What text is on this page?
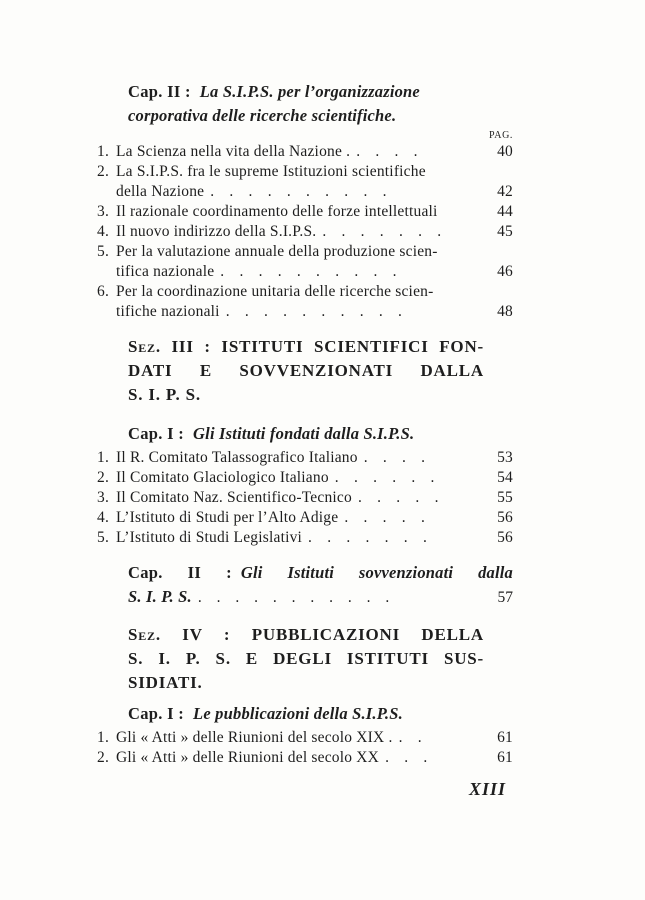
Cap. II : La S.I.P.S. per l’organizzazione
corporativa delle ricerche scientifiche.
PAG.
1. La Scienza nella vita della Nazione . . . . .	40
2. La S.I.P.S. fra le supreme Istituzioni scientifiche
della Nazione . . . . . . . . . .	42
3. Il razionale coordinamento delle forze intellettuali	44
4. Il nuovo indirizzo della S.I.P.S. . . . . . . .	45
5. Per la valutazione annuale della produzione scien-
tifica nazionale . . . . . . . . . .	46
6. Per la coordinazione unitaria delle ricerche scien-
tifiche nazionali . . . . . . . . . .	48
Sez. III : ISTITUTI SCIENTIFICI FON-
DATI E SOVVENZIONATI DALLA
S. I. P. S.
Cap. I : Gli Istituti fondati dalla S.I.P.S.
1. Il R. Comitato Talassografico Italiano . . . .	53
2. Il Comitato Glaciologico Italiano . . . . . .	54
3. Il Comitato Naz. Scientifico-Tecnico . . . . .	55
4. L’Istituto di Studi per l’Alto Adige . . . . .	56
5. L’Istituto di Studi Legislativi . . . . . . .	56
Cap. II : Gli Istituti sovvenzionati dalla
S. I. P. S. . . . . . . . . . . .	57
Sez. IV : PUBBLICAZIONI DELLA
S. I. P. S. E DEGLI ISTITUTI SUS-
SIDIATI.
Cap. I : Le pubblicazioni della S.I.P.S.
1. Gli « Atti » delle Riunioni del secolo XIX . . .	61
2. Gli « Atti » delle Riunioni del secolo XX . . .	61
XIII
